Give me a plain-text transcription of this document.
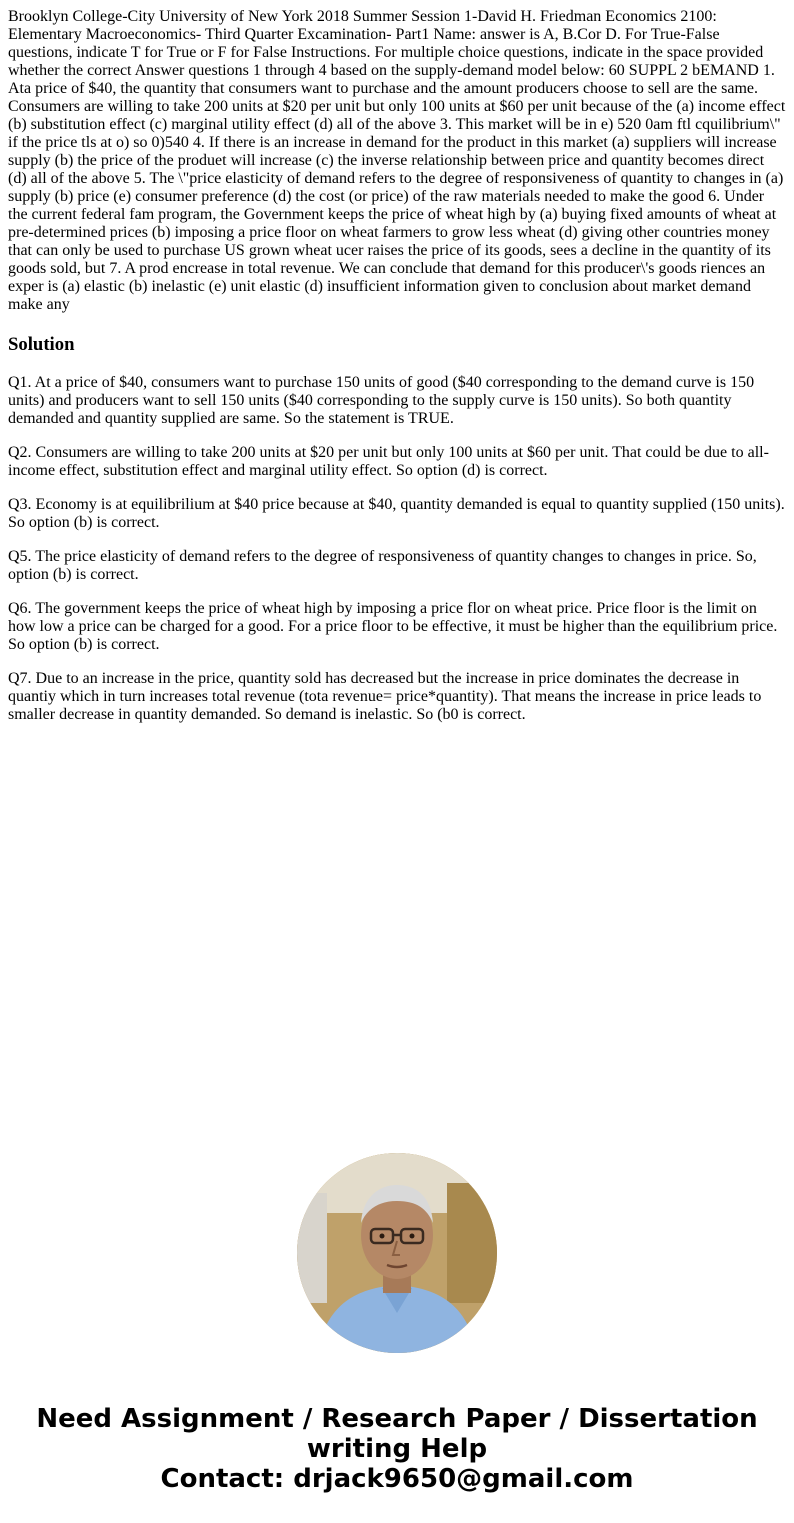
Brooklyn College-City University of New York 2018 Summer Session 1-David H. Friedman Economics 2100: Elementary Macroeconomics- Third Quarter Excamination- Part1 Name: answer is A, B.Cor D. For True-False questions, indicate T for True or F for False Instructions. For multiple choice questions, indicate in the space provided whether the correct Answer questions 1 through 4 based on the supply-demand model below: 60 SUPPL 2 bEMAND 1. Ata price of $40, the quantity that consumers want to purchase and the amount producers choose to sell are the same. Consumers are willing to take 200 units at $20 per unit but only 100 units at $60 per unit because of the (a) income effect (b) substitution effect (c) marginal utility effect (d) all of the above 3. This market will be in e) 520 0am ftl cquilibrium\" if the price tls at o) so 0)540 4. If there is an increase in demand for the product in this market (a) suppliers will increase supply (b) the price of the produet will increase (c) the inverse relationship between price and quantity becomes direct (d) all of the above 5. The \"price elasticity of demand refers to the degree of responsiveness of quantity to changes in (a) supply (b) price (e) consumer preference (d) the cost (or price) of the raw materials needed to make the good 6. Under the current federal fam program, the Government keeps the price of wheat high by (a) buying fixed amounts of wheat at pre-determined prices (b) imposing a price floor on wheat farmers to grow less wheat (d) giving other countries money that can only be used to purchase US grown wheat ucer raises the price of its goods, sees a decline in the quantity of its goods sold, but 7. A prod encrease in total revenue. We can conclude that demand for this producer\'s goods riences an exper is (a) elastic (b) inelastic (e) unit elastic (d) insufficient information given to conclusion about market demand make any

Solution

Q1. At a price of $40, consumers want to purchase 150 units of good ($40 corresponding to the demand curve is 150 units) and producers want to sell 150 units ($40 corresponding to the supply curve is 150 units). So both quantity demanded and quantity supplied are same. So the statement is TRUE.

Q2. Consumers are willing to take 200 units at $20 per unit but only 100 units at $60 per unit. That could be due to all- income effect, substitution effect and marginal utility effect. So option (d) is correct.

Q3. Economy is at equilibrilium at $40 price because at $40, quantity demanded is equal to quantity supplied (150 units). So option (b) is correct.

Q5. The price elasticity of demand refers to the degree of responsiveness of quantity changes to changes in price. So, option (b) is correct.

Q6. The government keeps the price of wheat high by imposing a price flor on wheat price. Price floor is the limit on how low a price can be charged for a good. For a price floor to be effective, it must be higher than the equilibrium price. So option (b) is correct.

Q7. Due to an increase in the price, quantity sold has decreased but the increase in price dominates the decrease in quantiy which in turn increases total revenue (tota revenue= price*quantity). That means the increase in price leads to smaller decrease in quantity demanded. So demand is inelastic. So (b0 is correct.

Need Assignment / Research Paper / Dissertation
writing Help
Contact: drjack9650@gmail.com
